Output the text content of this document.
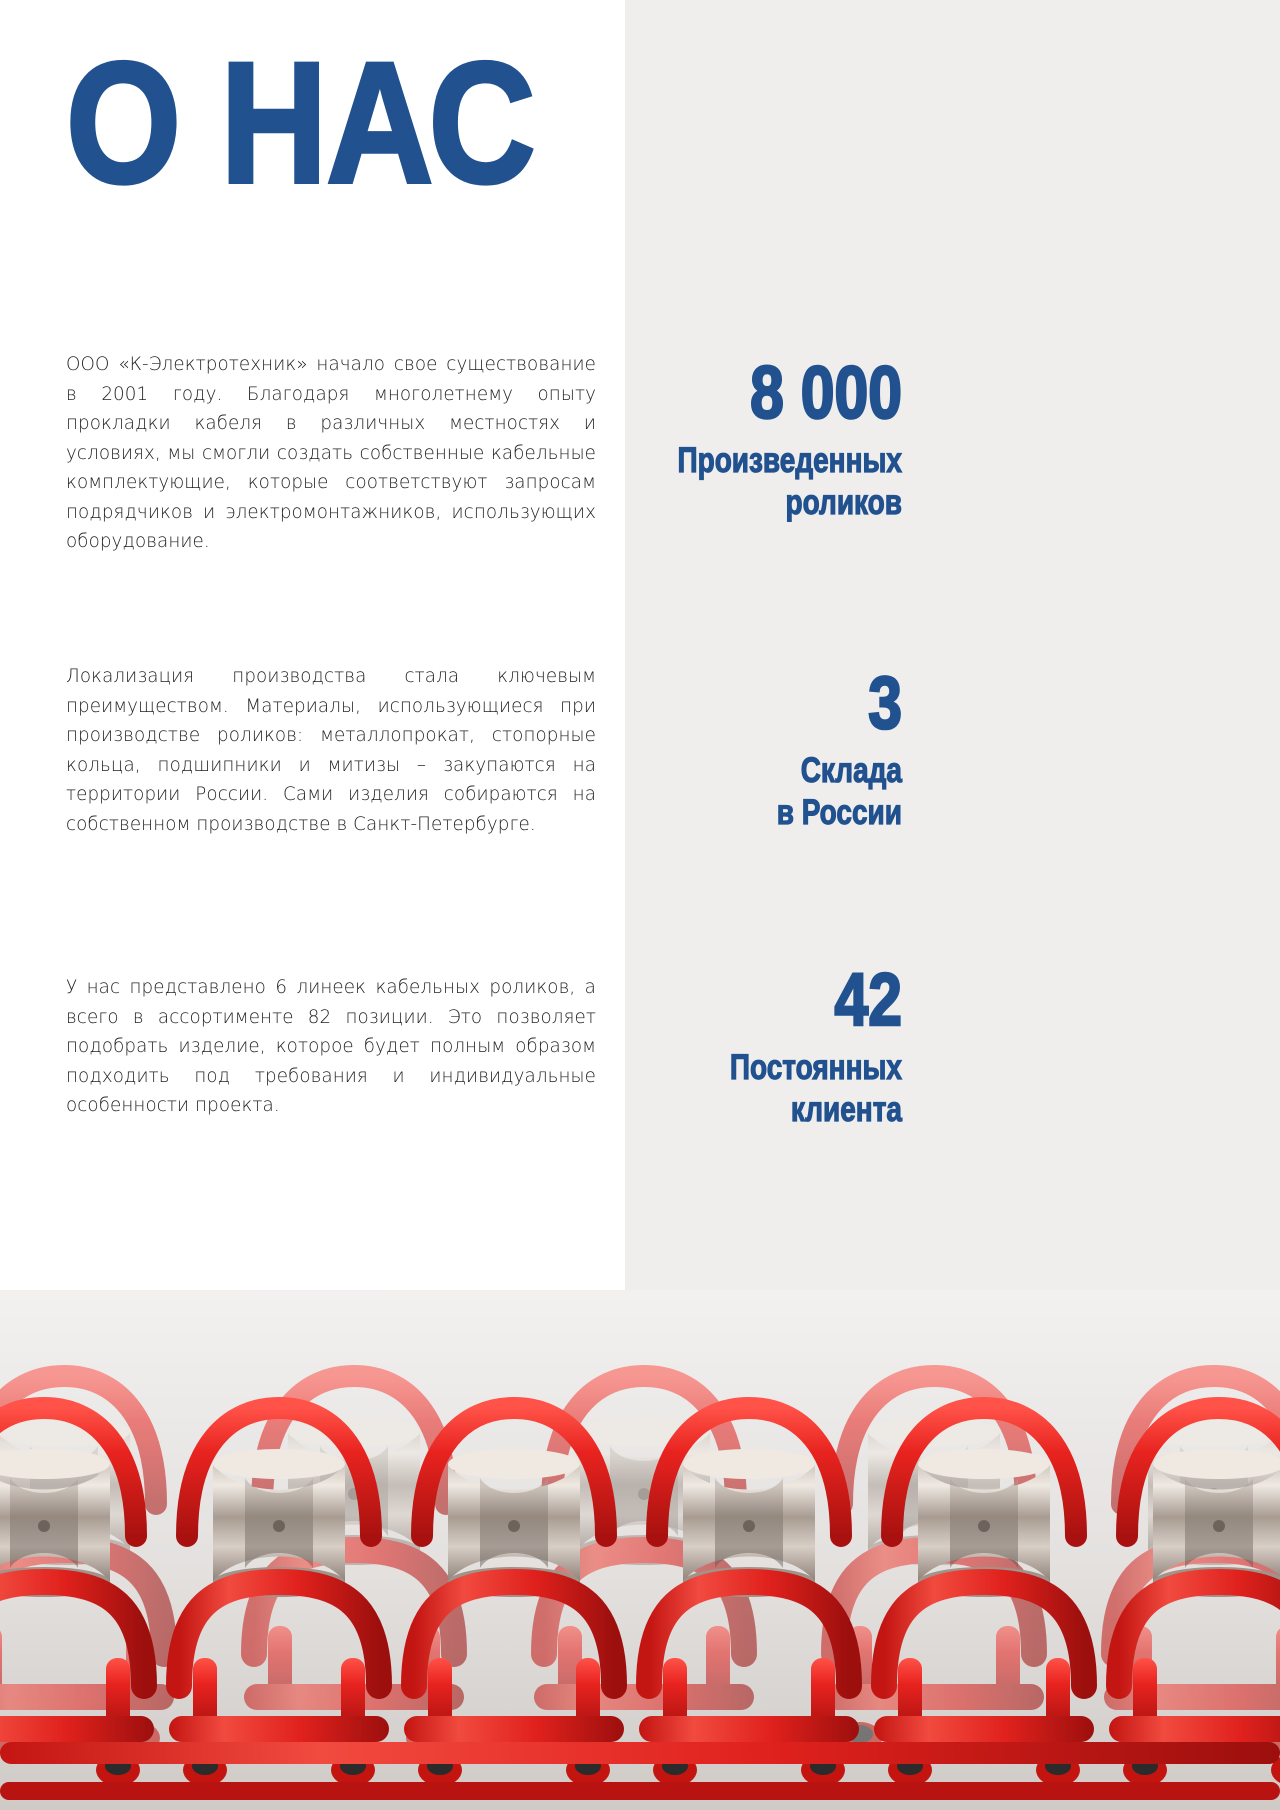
О НАС
ООО «К-Электротехник» начало свое существование в 2001 году. Благодаря многолетнему опыту прокладки кабеля в различных местностях и условиях, мы смогли создать собственные кабельные комплектующие, которые соответствуют запросам подрядчиков и электромонтажников, использующих оборудование.
Локализация производства стала ключевым преимуществом. Материалы, использующиеся при производстве роликов: металлопрокат, стопорные кольца, подшипники и митизы – закупаются на территории России. Сами изделия собираются на собственном производстве в Санкт-Петербурге.
У нас представлено 6 линеек кабельных роликов, а всего в ассортименте 82 позиции. Это позволяет подобрать изделие, которое будет полным образом подходить под требования и индивидуальные особенности проекта.
8 000
Произведенных
роликов
3
Склада
в России
42
Постоянных
клиента
